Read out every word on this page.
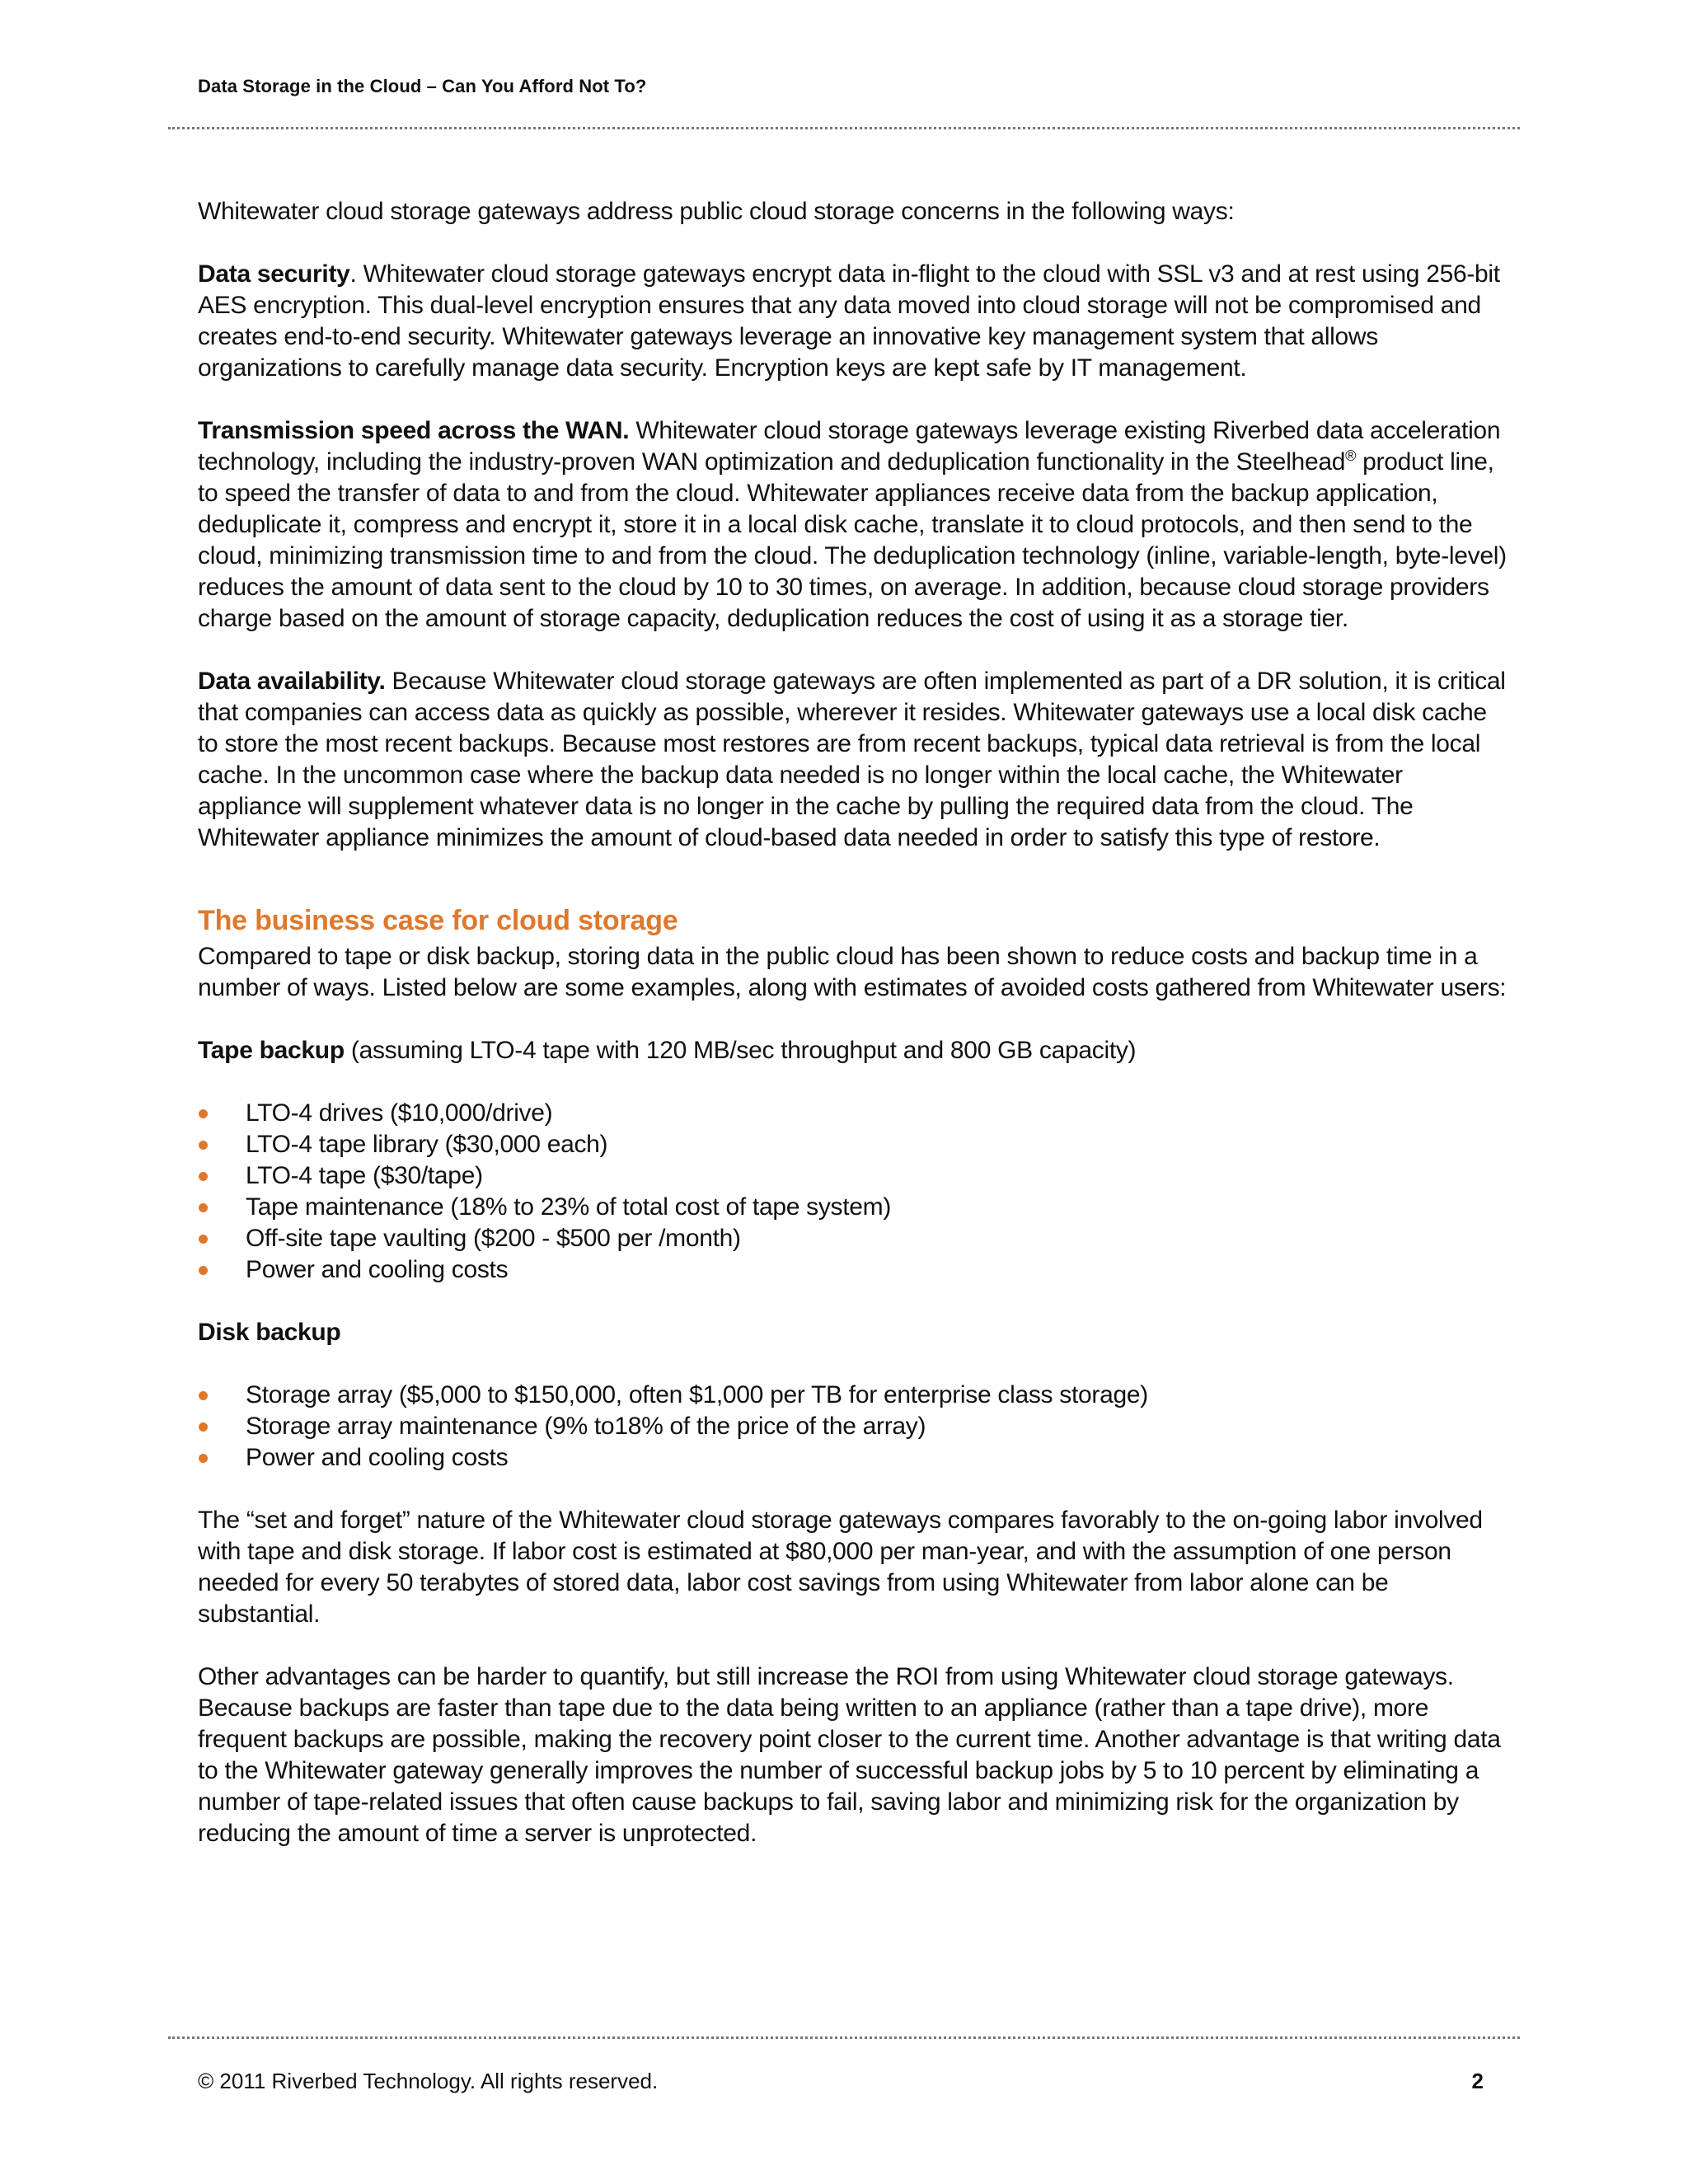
Data Storage in the Cloud – Can You Afford Not To?

Whitewater cloud storage gateways address public cloud storage concerns in the following ways:

Data security. Whitewater cloud storage gateways encrypt data in-flight to the cloud with SSL v3 and at rest using 256-bit AES encryption. This dual-level encryption ensures that any data moved into cloud storage will not be compromised and creates end-to-end security. Whitewater gateways leverage an innovative key management system that allows organizations to carefully manage data security. Encryption keys are kept safe by IT management.

Transmission speed across the WAN. Whitewater cloud storage gateways leverage existing Riverbed data acceleration technology, including the industry-proven WAN optimization and deduplication functionality in the Steelhead® product line, to speed the transfer of data to and from the cloud. Whitewater appliances receive data from the backup application, deduplicate it, compress and encrypt it, store it in a local disk cache, translate it to cloud protocols, and then send to the cloud, minimizing transmission time to and from the cloud. The deduplication technology (inline, variable-length, byte-level) reduces the amount of data sent to the cloud by 10 to 30 times, on average. In addition, because cloud storage providers charge based on the amount of storage capacity, deduplication reduces the cost of using it as a storage tier.

Data availability. Because Whitewater cloud storage gateways are often implemented as part of a DR solution, it is critical that companies can access data as quickly as possible, wherever it resides. Whitewater gateways use a local disk cache to store the most recent backups. Because most restores are from recent backups, typical data retrieval is from the local cache. In the uncommon case where the backup data needed is no longer within the local cache, the Whitewater appliance will supplement whatever data is no longer in the cache by pulling the required data from the cloud. The Whitewater appliance minimizes the amount of cloud-based data needed in order to satisfy this type of restore.

The business case for cloud storage

Compared to tape or disk backup, storing data in the public cloud has been shown to reduce costs and backup time in a number of ways. Listed below are some examples, along with estimates of avoided costs gathered from Whitewater users:

Tape backup (assuming LTO-4 tape with 120 MB/sec throughput and 800 GB capacity)

LTO-4 drives ($10,000/drive)
LTO-4 tape library ($30,000 each)
LTO-4 tape ($30/tape)
Tape maintenance (18% to 23% of total cost of tape system)
Off-site tape vaulting ($200 - $500 per /month)
Power and cooling costs

Disk backup

Storage array ($5,000 to $150,000, often $1,000 per TB for enterprise class storage)
Storage array maintenance (9% to18% of the price of the array)
Power and cooling costs

The “set and forget” nature of the Whitewater cloud storage gateways compares favorably to the on-going labor involved with tape and disk storage. If labor cost is estimated at $80,000 per man-year, and with the assumption of one person needed for every 50 terabytes of stored data, labor cost savings from using Whitewater from labor alone can be substantial.

Other advantages can be harder to quantify, but still increase the ROI from using Whitewater cloud storage gateways. Because backups are faster than tape due to the data being written to an appliance (rather than a tape drive), more frequent backups are possible, making the recovery point closer to the current time. Another advantage is that writing data to the Whitewater gateway generally improves the number of successful backup jobs by 5 to 10 percent by eliminating a number of tape-related issues that often cause backups to fail, saving labor and minimizing risk for the organization by reducing the amount of time a server is unprotected.

© 2011 Riverbed Technology. All rights reserved.	2
